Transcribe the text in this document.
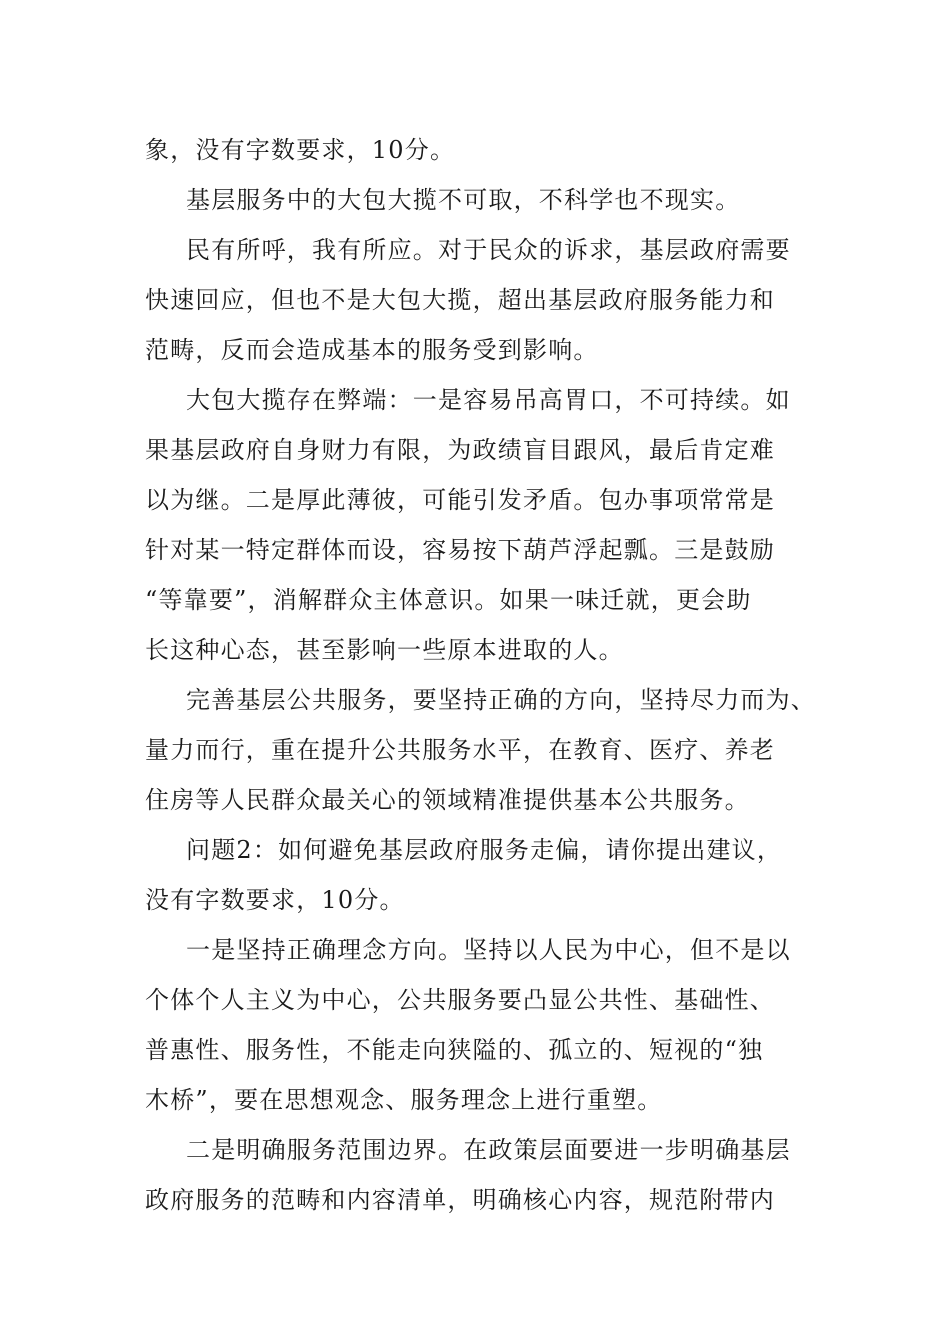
象，没有字数要求，10分。

基层服务中的大包大揽不可取，不科学也不现实。

民有所呼，我有所应。对于民众的诉求，基层政府需要

快速回应，但也不是大包大揽，超出基层政府服务能力和

范畴，反而会造成基本的服务受到影响。

大包大揽存在弊端：一是容易吊高胃口，不可持续。如

果基层政府自身财力有限，为政绩盲目跟风，最后肯定难

以为继。二是厚此薄彼，可能引发矛盾。包办事项常常是

针对某一特定群体而设，容易按下葫芦浮起瓢。三是鼓励

“等靠要”，消解群众主体意识。如果一味迁就，更会助

长这种心态，甚至影响一些原本进取的人。

完善基层公共服务，要坚持正确的方向，坚持尽力而为、

量力而行，重在提升公共服务水平，在教育、医疗、养老

住房等人民群众最关心的领域精准提供基本公共服务。

问题2：如何避免基层政府服务走偏，请你提出建议，

没有字数要求，10分。

一是坚持正确理念方向。坚持以人民为中心，但不是以

个体个人主义为中心，公共服务要凸显公共性、基础性、

普惠性、服务性，不能走向狭隘的、孤立的、短视的“独

木桥”，要在思想观念、服务理念上进行重塑。

二是明确服务范围边界。在政策层面要进一步明确基层

政府服务的范畴和内容清单，明确核心内容，规范附带内
